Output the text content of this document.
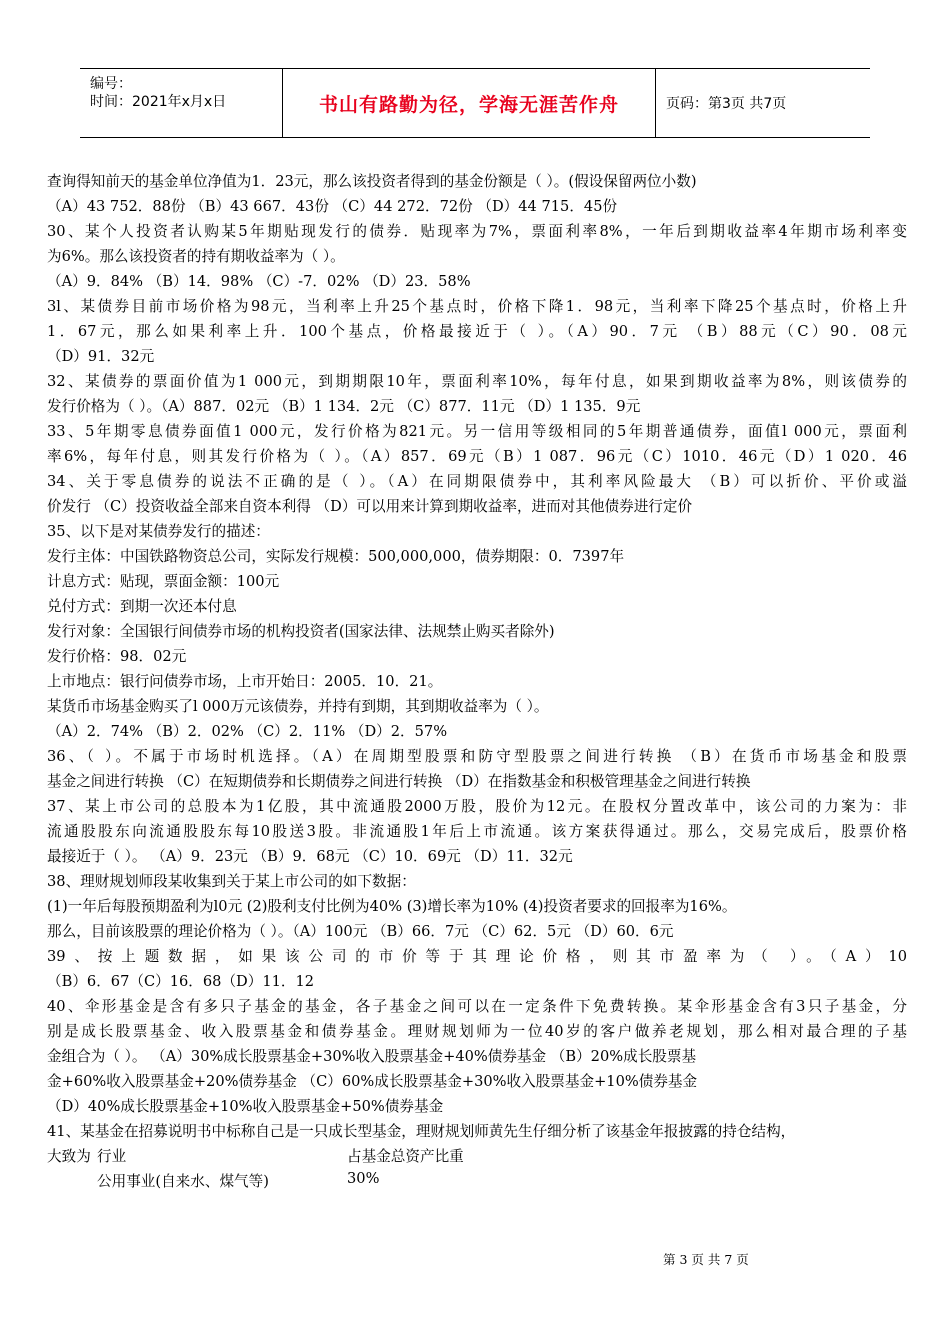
编号：
时间：2021年x月x日	书山有路勤为径，学海无涯苦作舟	页码：第3页 共7页
查询得知前天的基金单位净值为1．23元，那么该投资者得到的基金份额是（ ）。(假设保留两位小数)
（A）43 752．88份 （B）43 667．43份 （C）44 272．72份 （D）44 715．45份
30、某个人投资者认购某5年期贴现发行的债券．贴现率为7%，票面利率8%，一年后到期收益率4年期市场利率变
为6%。那么该投资者的持有期收益率为（ ）。
（A）9．84% （B）14．98% （C）-7．02% （D）23．58%
3l、某债券目前市场价格为98元，当利率上升25个基点时，价格下降1．98元，当利率下降25个基点时，价格上升
1．67元，那么如果利率上升．100个基点，价格最接近于（ ）。（A）90．7元 （B）88元（C）90．08元
（D）91．32元
32、某债券的票面价值为1 000元，到期期限10年，票面利率10%，每年付息，如果到期收益率为8%，则该债券的
发行价格为（ ）。（A）887．02元 （B）1 134．2元 （C）877．11元 （D）1 135．9元
33、5年期零息债券面值1 000元，发行价格为821元。另一信用等级相同的5年期普通债券，面值l 000元，票面利
率6%，每年付息，则其发行价格为（ ）。（A）857．69元（B）1 087．96元（C）1010．46元（D）1 020．46
34、关于零息债券的说法不正确的是（ ）。（A）在同期限债券中，其利率风险最大 （B）可以折价、平价或溢
价发行 （C）投资收益全部来自资本利得 （D）可以用来计算到期收益率，进而对其他债券进行定价
35、以下是对某债券发行的描述：
发行主体：中国铁路物资总公司，实际发行规模：500,000,000，债券期限：0．7397年
计息方式：贴现，票面金额：100元
兑付方式：到期一次还本付息
发行对象：全国银行间债券市场的机构投资者(国家法律、法规禁止购买者除外)
发行价格：98．02元
上市地点：银行问债券市场，上市开始日：2005．10．21。
某货币市场基金购买了l 000万元该债券，并持有到期，其到期收益率为（ ）。
（A）2．74% （B）2．02% （C）2．11% （D）2．57%
36、（ ）。不属于市场时机选择。（A）在周期型股票和防守型股票之间进行转换 （B）在货币市场基金和股票
基金之间进行转换 （C）在短期债券和长期债券之间进行转换 （D）在指数基金和积极管理基金之间进行转换
37、某上市公司的总股本为1亿股，其中流通股2000万股，股价为12元。在股权分置改革中，该公司的力案为：非
流通股股东向流通股股东每10股送3股。非流通股1年后上市流通。该方案获得通过。那么，交易完成后，股票价格
最接近于（ ）。 （A）9．23元 （B）9．68元 （C）10．69元 （D）11．32元
38、理财规划师段某收集到关于某上市公司的如下数据：
(1)一年后每股预期盈利为l0元 (2)股利支付比例为40% (3)增长率为10% (4)投资者要求的回报率为16%。
那么，目前该股票的理论价格为（ ）。（A）100元 （B）66．7元 （C）62．5元 （D）60．6元
39、按上题数据，如果该公司的市价等于其理论价格，则其市盈率为（ ）。（A）10
（B）6．67（C）16．68（D）11．12
40、伞形基金是含有多只子基金的基金，各子基金之间可以在一定条件下免费转换。某伞形基金含有3只子基金，分
别是成长股票基金、收入股票基金和债券基金。理财规划师为一位40岁的客户做养老规划，那么相对最合理的子基
金组合为（ ）。 （A）30%成长股票基金+30%收入股票基金+40%债券基金 （B）20%成长股票基
金+60%收入股票基金+20%债券基金 （C）60%成长股票基金+30%收入股票基金+10%债券基金
（D）40%成长股票基金+10%收入股票基金+50%债券基金
41、某基金在招募说明书中标称自己是一只成长型基金，理财规划师黄先生仔细分析了该基金年报披露的持仓结构，
大致为 行业	占基金总资产比重
公用事业(自来水、煤气等)	30%
第 3 页 共 7 页
